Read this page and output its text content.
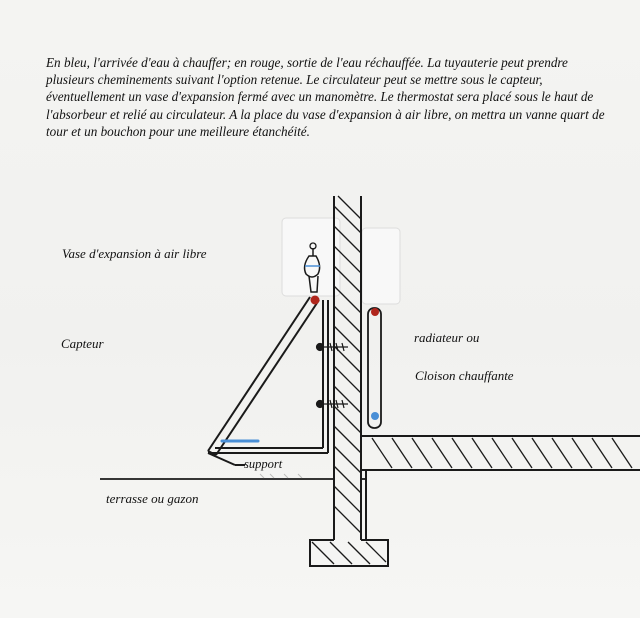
En bleu, l'arrivée d'eau à chauffer; en rouge, sortie de l'eau réchauffée. La tuyauterie peut prendre plusieurs cheminements suivant l'option retenue. Le circulateur peut se mettre sous le capteur, éventuellement un vase d'expansion fermé avec un manomètre. Le thermostat sera placé sous le haut de l'absorbeur et relié au circulateur. A la place du vase d'expansion à air libre, on mettra un vanne quart de tour et un bouchon pour une meilleure étanchéité.
Vase d'expansion à air libre
Capteur	radiateur ou
Cloison chauffante
support
terrasse ou gazon
